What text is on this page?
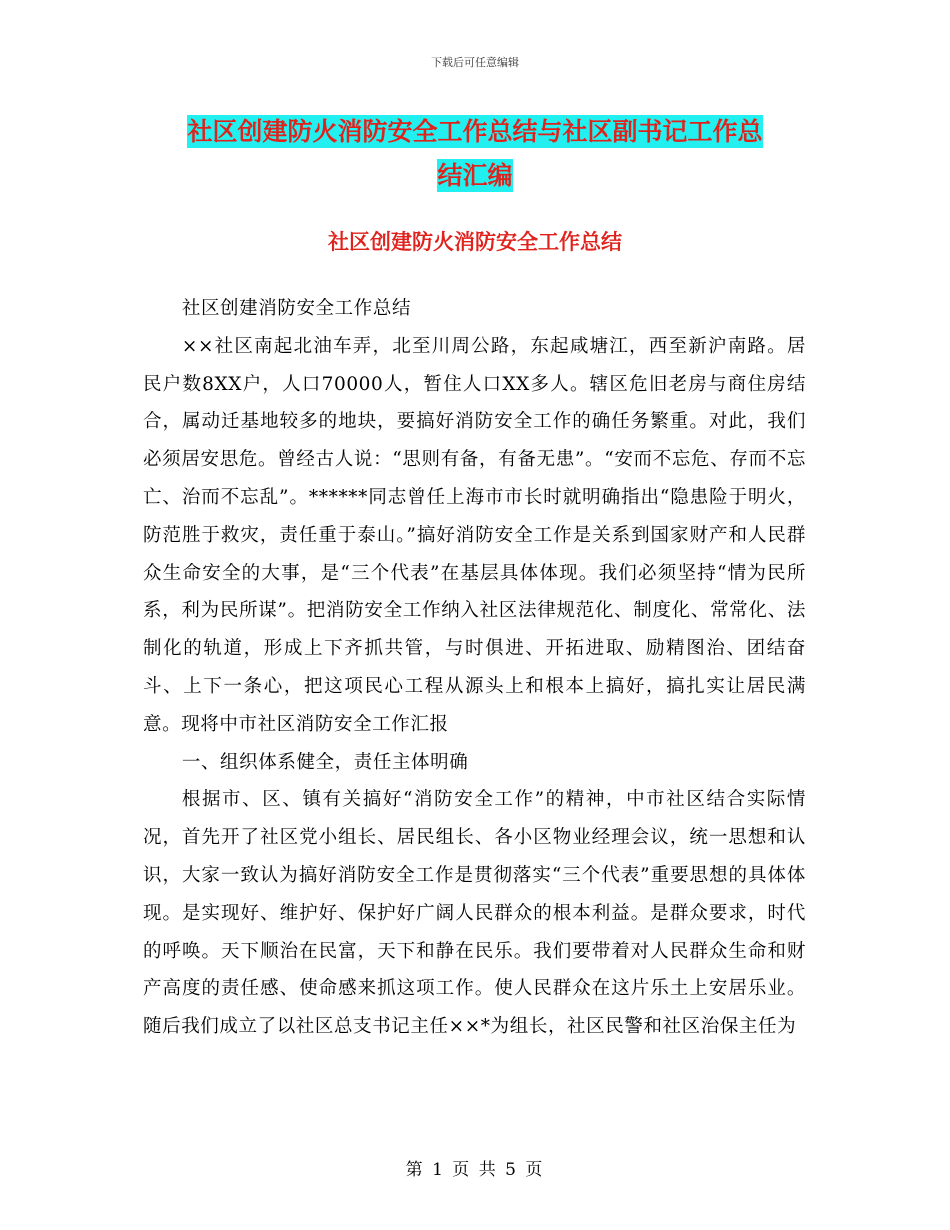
下载后可任意编辑
社区创建防火消防安全工作总结与社区副书记工作总
结汇编
社区创建防火消防安全工作总结

社区创建消防安全工作总结

××社区南起北油车弄，北至川周公路，东起咸塘江，西至新沪南路。居民户数8XX户，人口70000人，暂住人口XX多人。辖区危旧老房与商住房结合，属动迁基地较多的地块，要搞好消防安全工作的确任务繁重。对此，我们必须居安思危。曾经古人说：“思则有备，有备无患”。“安而不忘危、存而不忘亡、治而不忘乱”。******同志曾任上海市市长时就明确指出“隐患险于明火，防范胜于救灾，责任重于泰山。”搞好消防安全工作是关系到国家财产和人民群众生命安全的大事，是“三个代表”在基层具体体现。我们必须坚持“情为民所系，利为民所谋”。把消防安全工作纳入社区法律规范化、制度化、常常化、法制化的轨道，形成上下齐抓共管，与时俱进、开拓进取、励精图治、团结奋斗、上下一条心，把这项民心工程从源头上和根本上搞好，搞扎实让居民满意。现将中市社区消防安全工作汇报

一、组织体系健全，责任主体明确

根据市、区、镇有关搞好“消防安全工作”的精神，中市社区结合实际情况，首先开了社区党小组长、居民组长、各小区物业经理会议，统一思想和认识，大家一致认为搞好消防安全工作是贯彻落实“三个代表”重要思想的具体体现。是实现好、维护好、保护好广阔人民群众的根本利益。是群众要求，时代的呼唤。天下顺治在民富，天下和静在民乐。我们要带着对人民群众生命和财产高度的责任感、使命感来抓这项工作。使人民群众在这片乐土上安居乐业。随后我们成立了以社区总支书记主任××*为组长，社区民警和社区治保主任为

第 1 页 共 5 页
